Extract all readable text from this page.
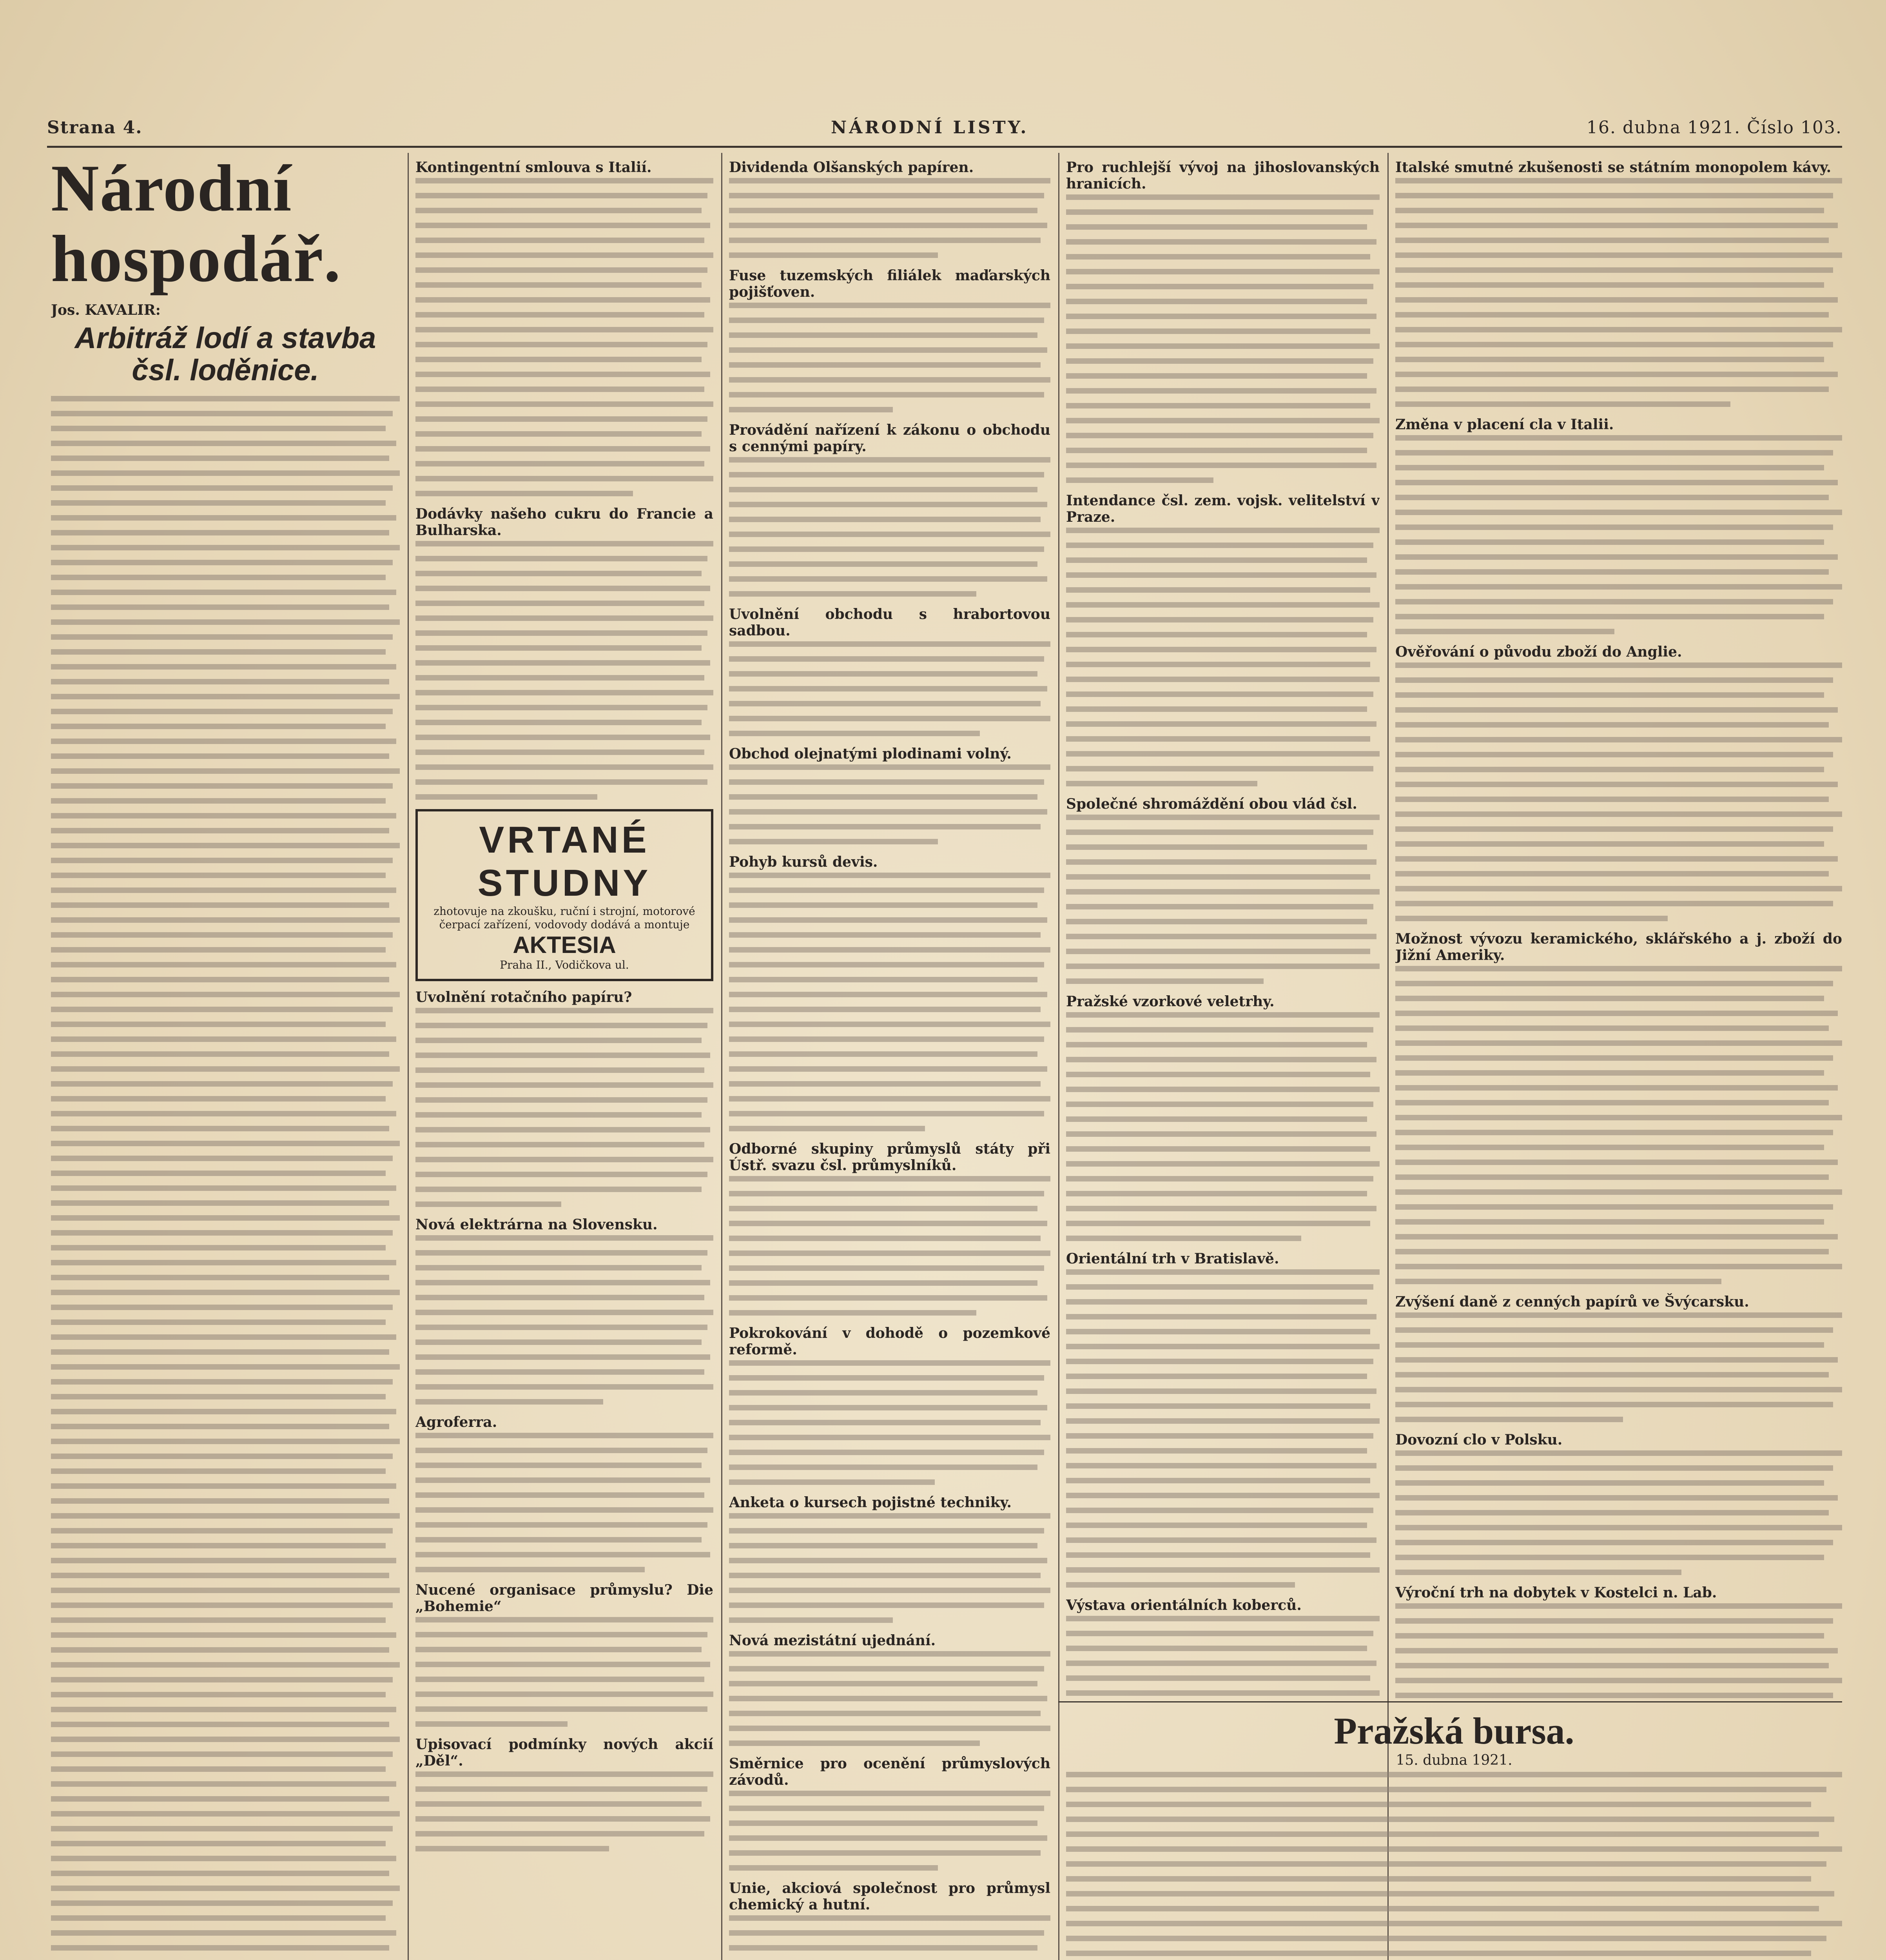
Strana 4.	NÁRODNÍ LISTY.	16. dubna 1921. Číslo 103.
Národní hospodář.
Jos. KAVALIR:
Arbitráž lodí a stavba čsl. loděnice.
Kontingentní smlouva s Italií.
Dodávky našeho cukru do Francie a Bulharska.
VRTANÉ STUDNY
zhotovuje na zkoušku, ruční i strojní, motorové čerpací zařízení, vodovody dodává a montuje
AKTESIA
Praha II., Vodičkova ul.
Uvolnění rotačního papíru?
Nová elektrárna na Slovensku.
Agroferra.
Nucené organisace průmyslu? Die „Bohemie“
Upisovací podmínky nových akcií „Děl“.
Dividenda Olšanských papíren.
Fuse tuzemských filiálek maďarských pojišťoven.
Provádění nařízení k zákonu o obchodu s cennými papíry.
Uvolnění obchodu s hrabortovou sadbou.
Obchod olejnatými plodinami volný.
Pohyb kursů devis.
Odborné skupiny průmyslů státy při Ústř. svazu čsl. průmyslníků.
Pokrokování v dohodě o pozemkové reformě.
Anketa o kursech pojistné techniky.
Nová mezistátní ujednání.
Směrnice pro ocenění průmyslových závodů.
Unie, akciová společnost pro průmysl chemický a hutní.
Pro ruchlejší vývoj na jihoslovanských hranicích.
Intendance čsl. zem. vojsk. velitelství v Praze.
Společné shromáždění obou vlád čsl.
Pražské vzorkové veletrhy.
Orientální trh v Bratislavě.
Výstava orientálních koberců.
Italské smutné zkušenosti se státním monopolem kávy.
Změna v placení cla v Italii.
Ověřování o původu zboží do Anglie.
Možnost vývozu keramického, sklářského a j. zboží do Jižní Ameriky.
Zvýšení daně z cenných papírů ve Švýcarsku.
Dovozní clo v Polsku.
Výroční trh na dobytek v Kostelci n. Lab.
Pražská bursa.
15. dubna 1921.
